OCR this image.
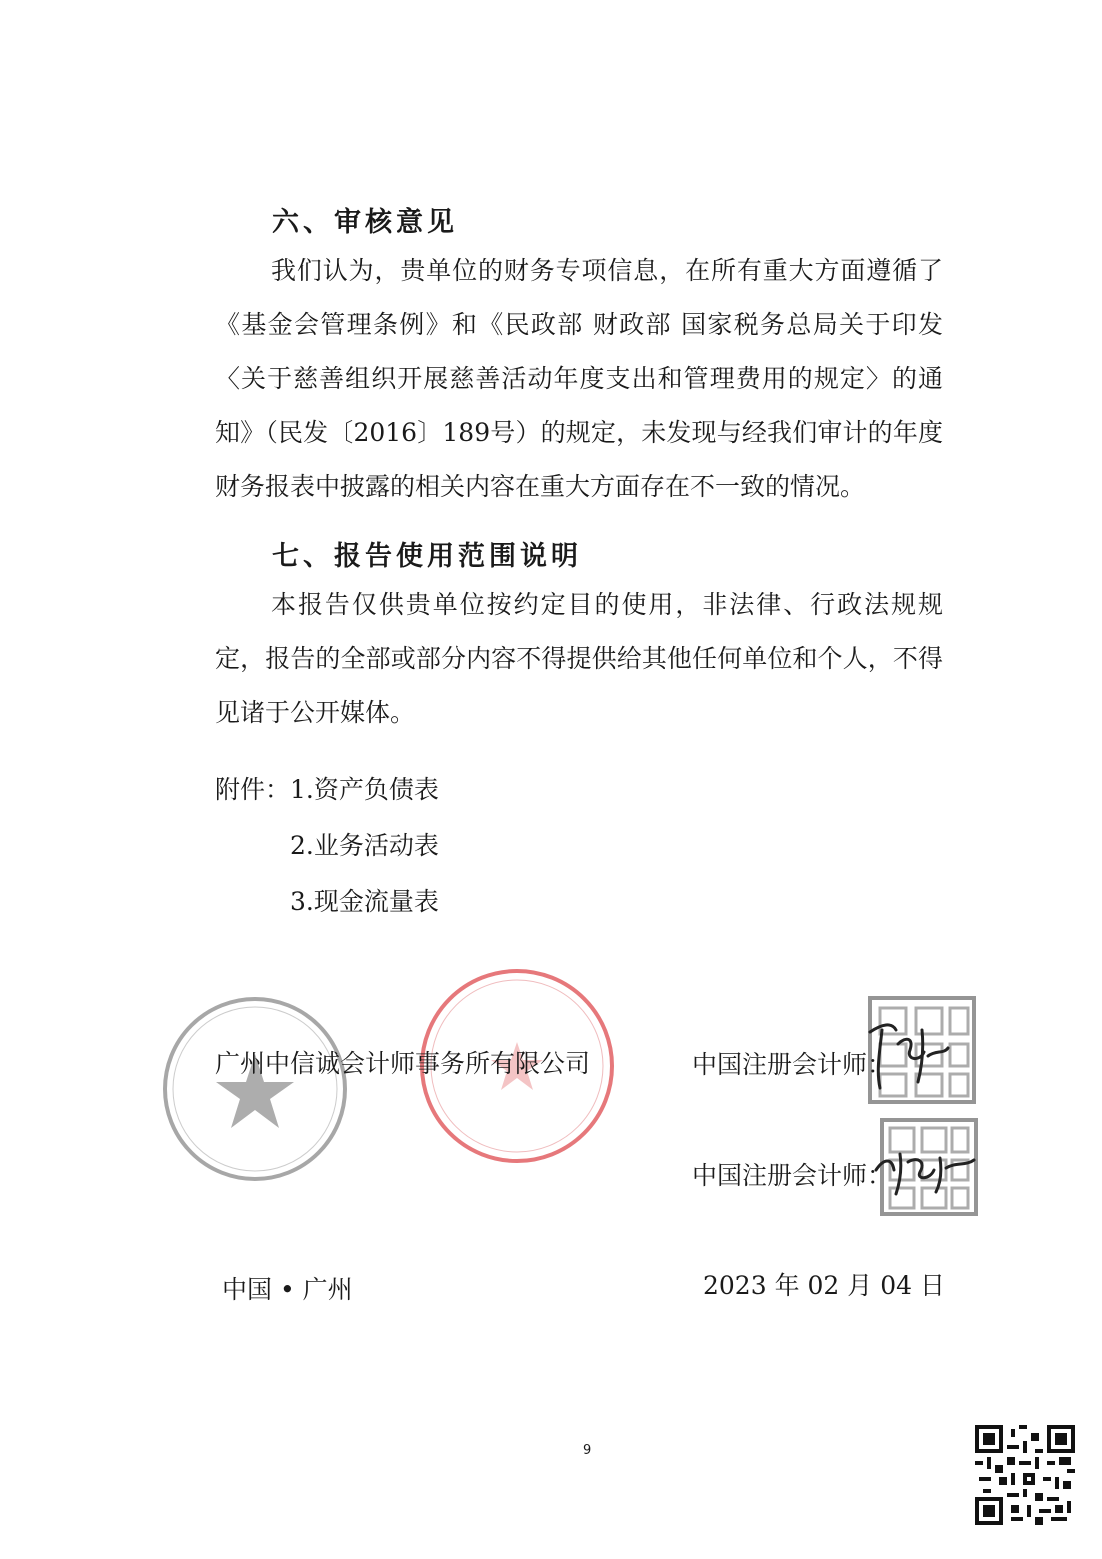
六、审核意见

我们认为，贵单位的财务专项信息，在所有重大方面遵循了《基金会管理条例》和《民政部 财政部 国家税务总局关于印发〈关于慈善组织开展慈善活动年度支出和管理费用的规定〉的通知》（民发〔2016〕189号）的规定，未发现与经我们审计的年度财务报表中披露的相关内容在重大方面存在不一致的情况。

七、报告使用范围说明

本报告仅供贵单位按约定目的使用，非法律、行政法规规定，报告的全部或部分内容不得提供给其他任何单位和个人，不得见诸于公开媒体。

附件： 1.资产负债表
2.业务活动表
3.现金流量表
广州中信诚会计师事务所有限公司	中国注册会计师：
中国注册会计师：
中国 • 广州	2023 年 02 月 04 日
9
